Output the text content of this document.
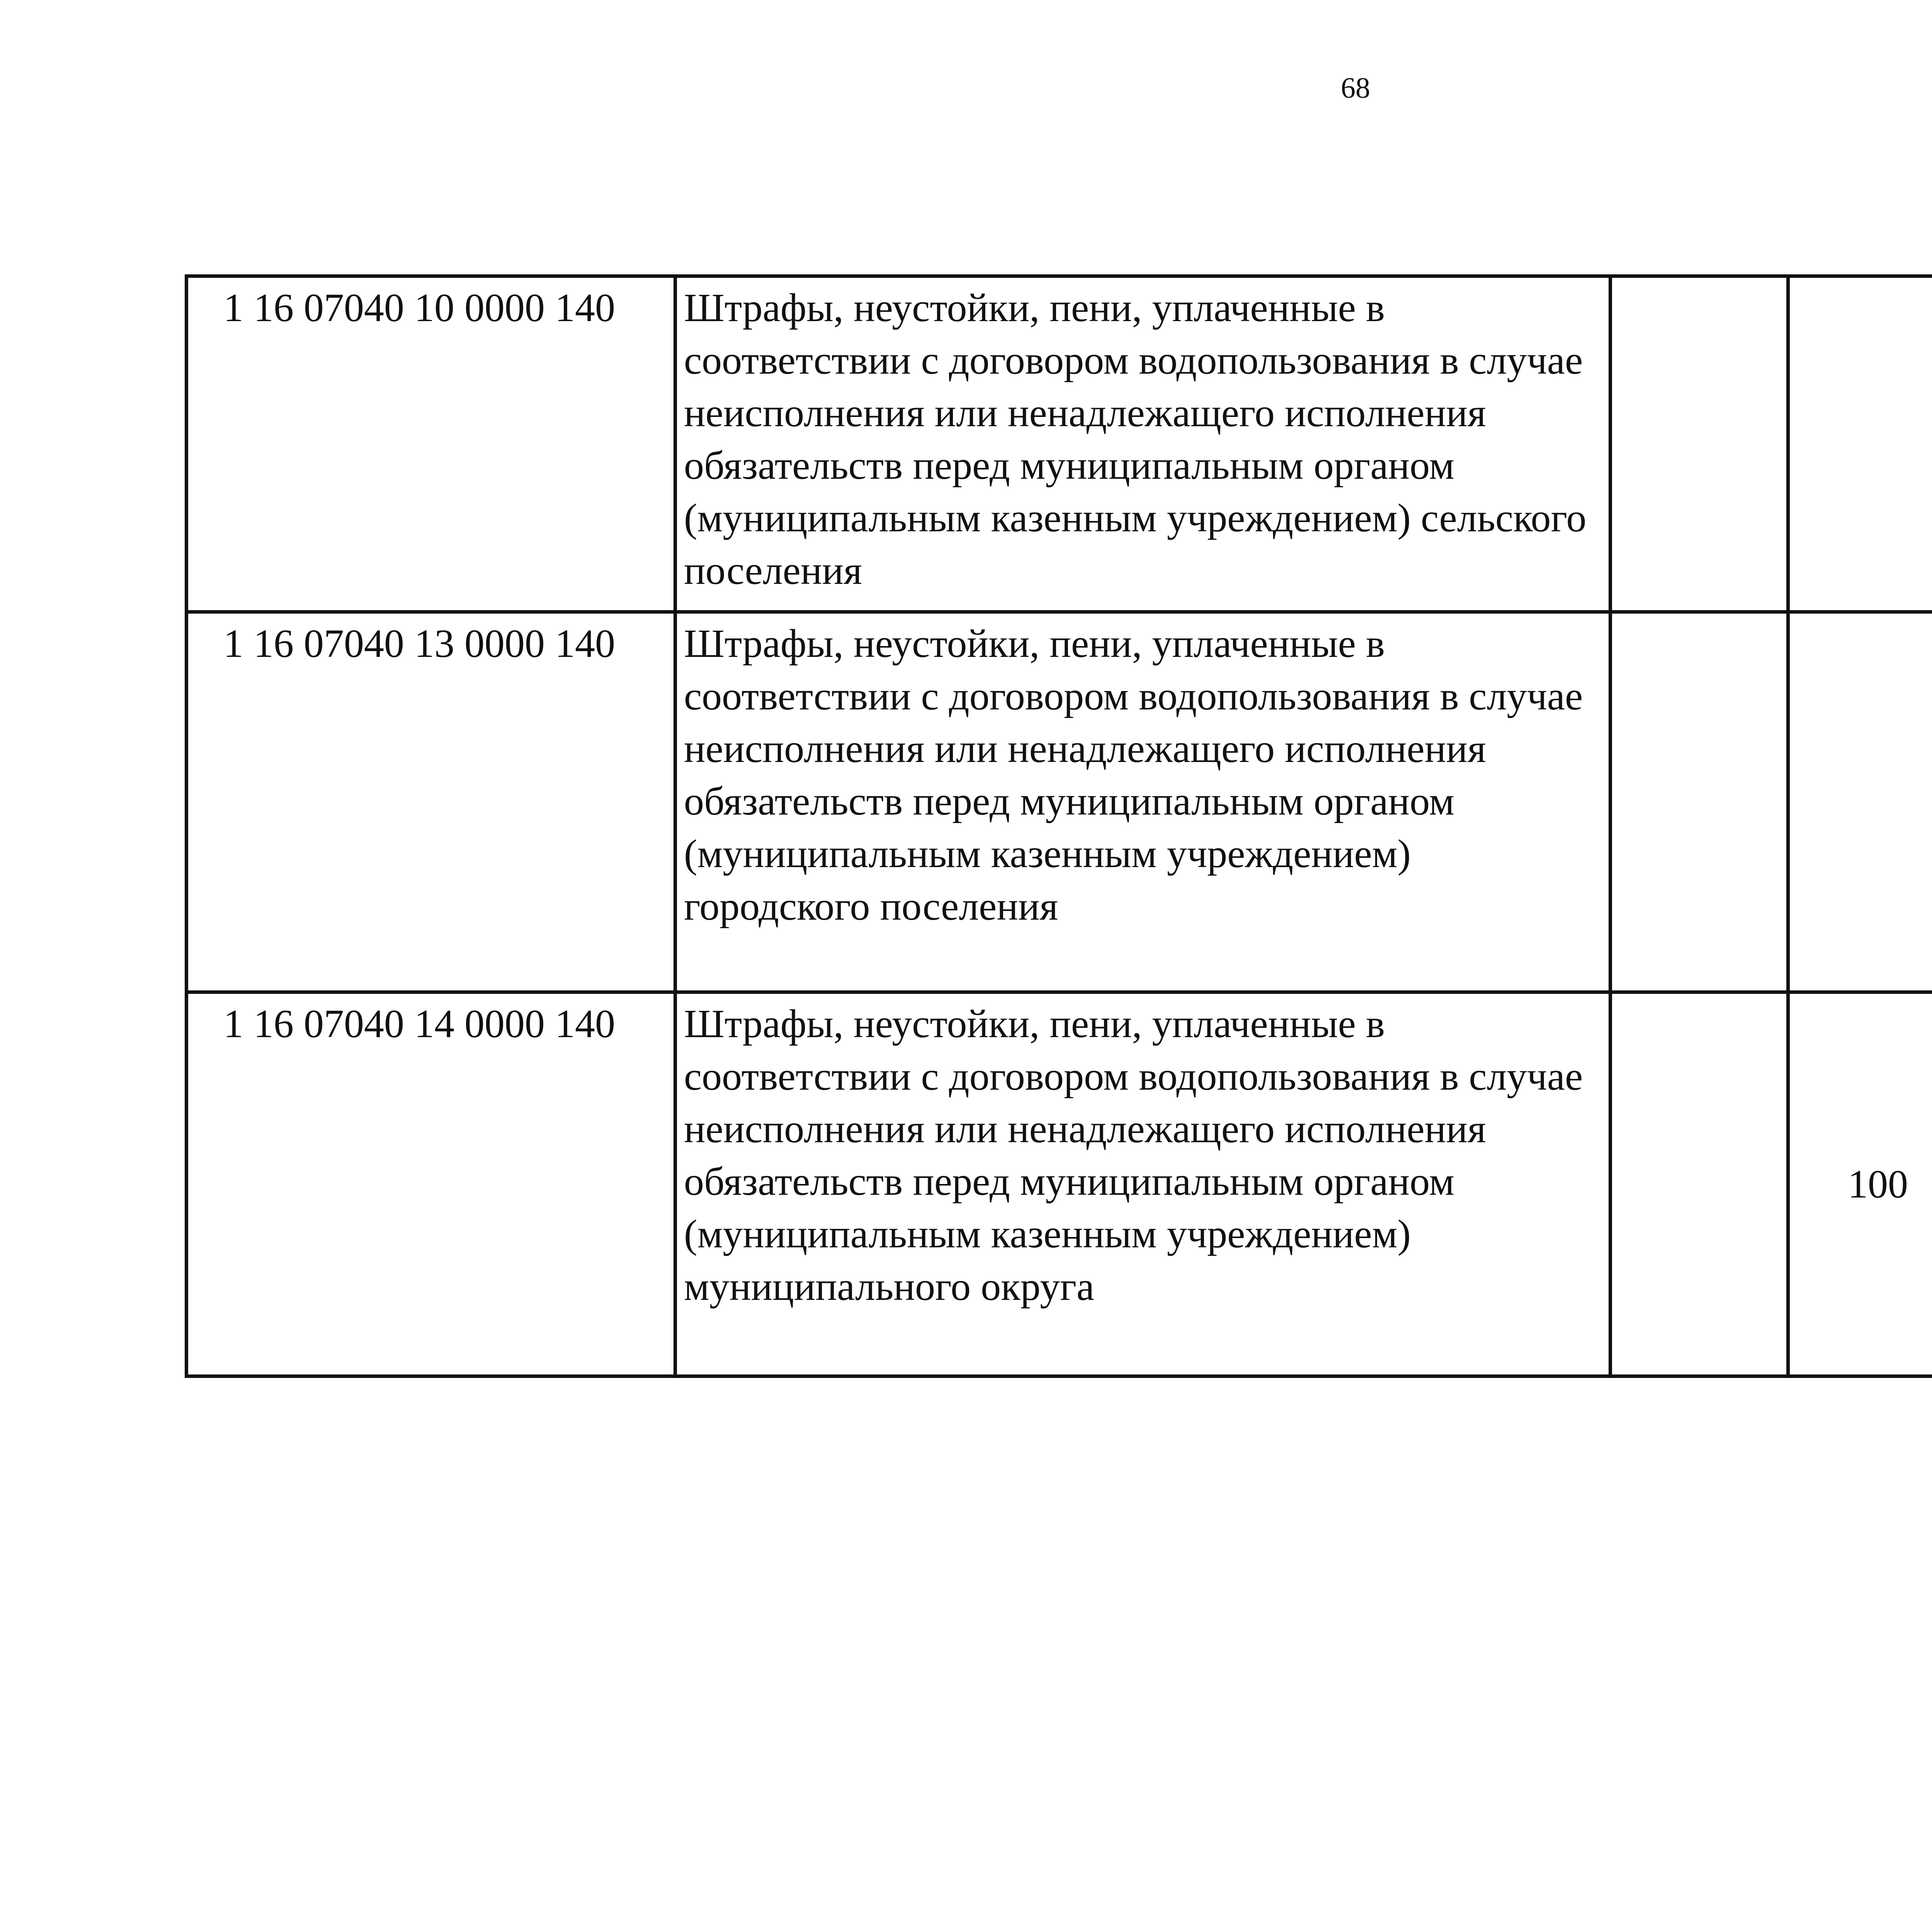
68
1 16 07040 10 0000 140	Штрафы, неустойки, пени, уплаченные в соответствии с договором водопользования в случае неисполнения или ненадлежащего исполнения обязательств перед муниципальным органом (муниципальным казенным учреждением) сельского поселения					
1 16 07040 13 0000 140	Штрафы, неустойки, пени, уплаченные в соответствии с договором водопользования в случае неисполнения или ненадлежащего исполнения обязательств перед муниципальным органом (муниципальным казенным учреждением) городского поселения					
1 16 07040 14 0000 140	Штрафы, неустойки, пени, уплаченные в соответствии с договором водопользования в случае неисполнения или ненадлежащего исполнения обязательств перед муниципальным органом (муниципальным казенным учреждением) муниципального округа		100			
